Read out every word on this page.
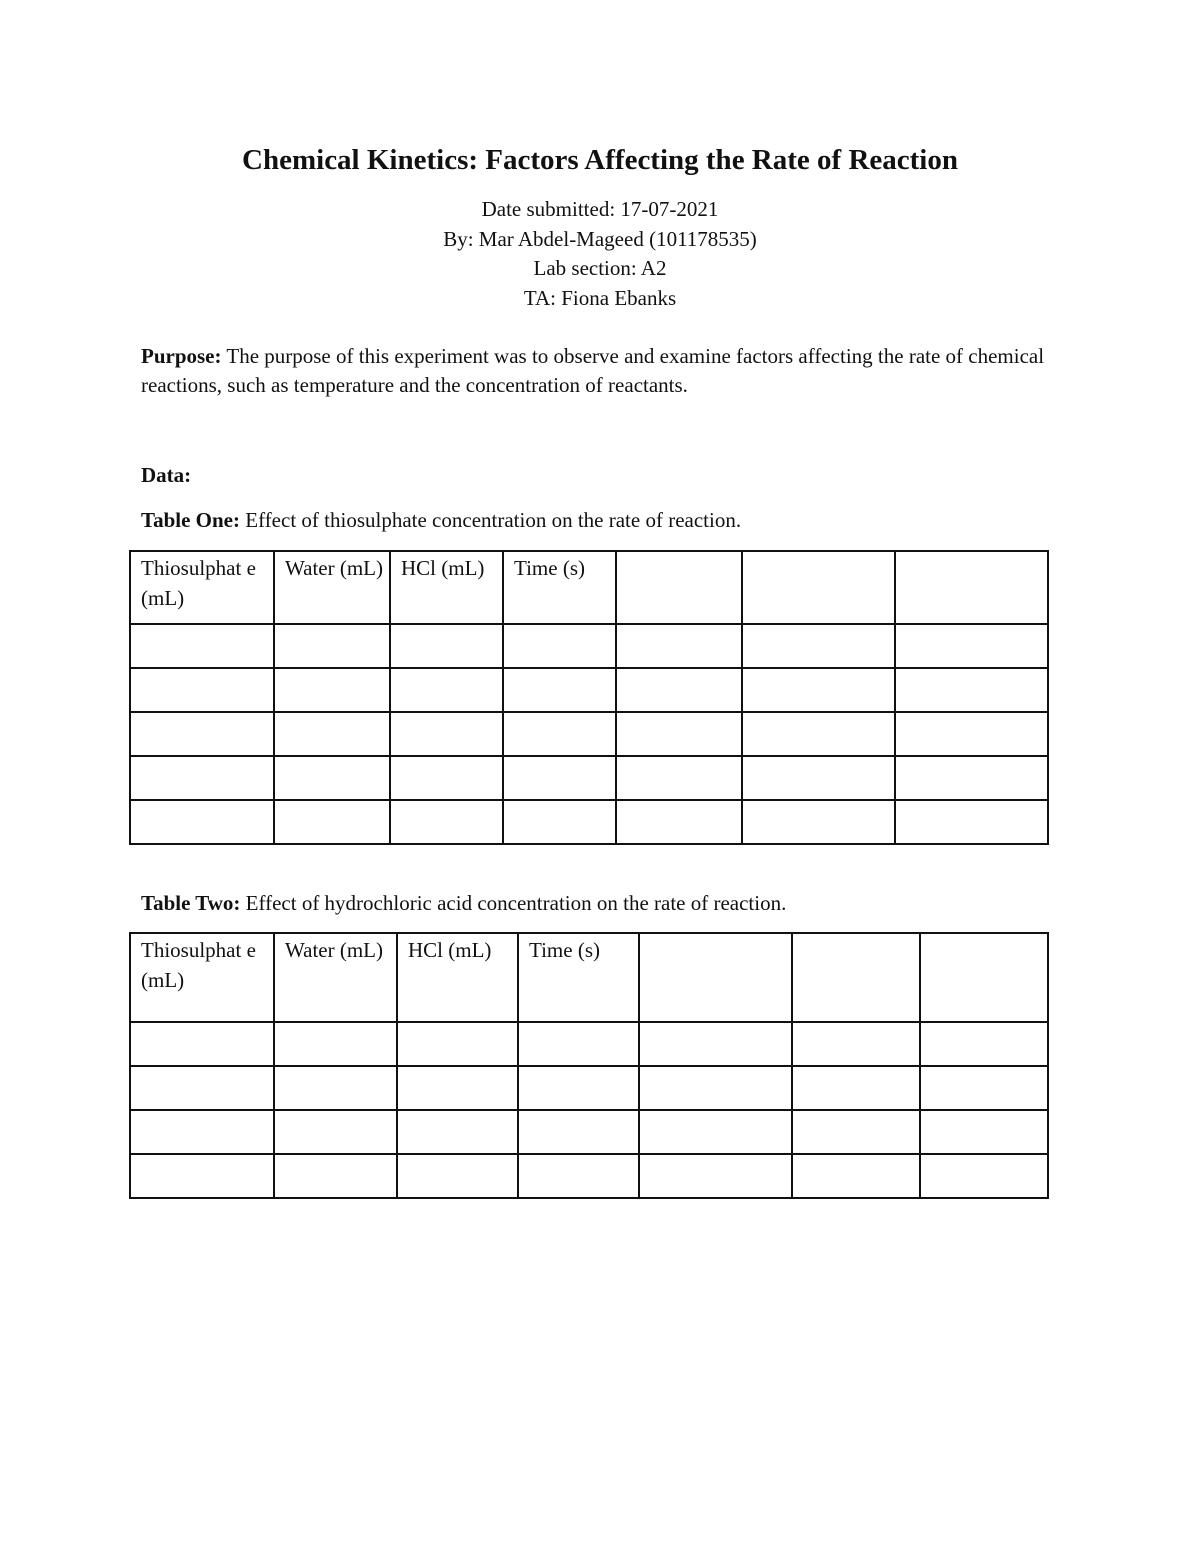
Chemical Kinetics: Factors Affecting the Rate of Reaction
Date submitted: 17-07-2021
By: Mar Abdel-Mageed (101178535)
Lab section: A2
TA: Fiona Ebanks
Purpose: The purpose of this experiment was to observe and examine factors affecting the rate of chemical reactions, such as temperature and the concentration of reactants.
Data:
Table One: Effect of thiosulphate concentration on the rate of reaction.
Thiosulphat e (mL)	Water (mL)	HCl (mL)	Time (s)			

Table Two: Effect of hydrochloric acid concentration on the rate of reaction.
Thiosulphat e (mL)	Water (mL)	HCl (mL)	Time (s)			
